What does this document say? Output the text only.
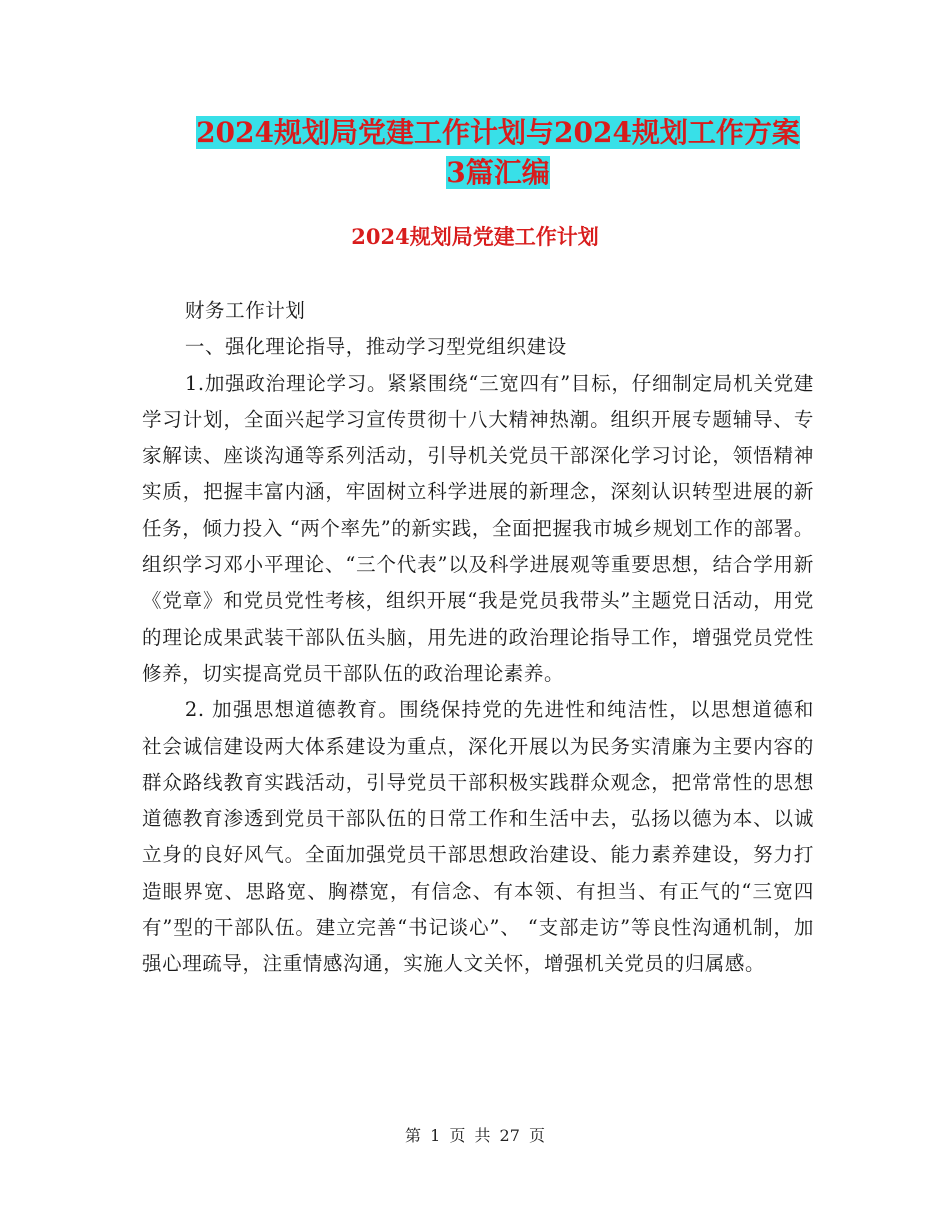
2024规划局党建工作计划与2024规划工作方案3篇汇编
2024规划局党建工作计划

财务工作计划

一、强化理论指导，推动学习型党组织建设

1.加强政治理论学习。紧紧围绕“三宽四有”目标，仔细制定局机关党建学习计划，全面兴起学习宣传贯彻十八大精神热潮。组织开展专题辅导、专家解读、座谈沟通等系列活动，引导机关党员干部深化学习讨论，领悟精神实质，把握丰富内涵，牢固树立科学进展的新理念，深刻认识转型进展的新任务，倾力投入 “两个率先”的新实践，全面把握我市城乡规划工作的部署。组织学习邓小平理论、“三个代表”以及科学进展观等重要思想，结合学用新《党章》和党员党性考核，组织开展“我是党员我带头”主题党日活动，用党的理论成果武装干部队伍头脑，用先进的政治理论指导工作，增强党员党性修养，切实提高党员干部队伍的政治理论素养。

2. 加强思想道德教育。围绕保持党的先进性和纯洁性，以思想道德和社会诚信建设两大体系建设为重点，深化开展以为民务实清廉为主要内容的群众路线教育实践活动，引导党员干部积极实践群众观念，把常常性的思想道德教育渗透到党员干部队伍的日常工作和生活中去，弘扬以德为本、以诚立身的良好风气。全面加强党员干部思想政治建设、能力素养建设，努力打造眼界宽、思路宽、胸襟宽，有信念、有本领、有担当、有正气的“三宽四有”型的干部队伍。建立完善“书记谈心”、 “支部走访”等良性沟通机制，加强心理疏导，注重情感沟通，实施人文关怀，增强机关党员的归属感。

第 1 页 共 27 页
